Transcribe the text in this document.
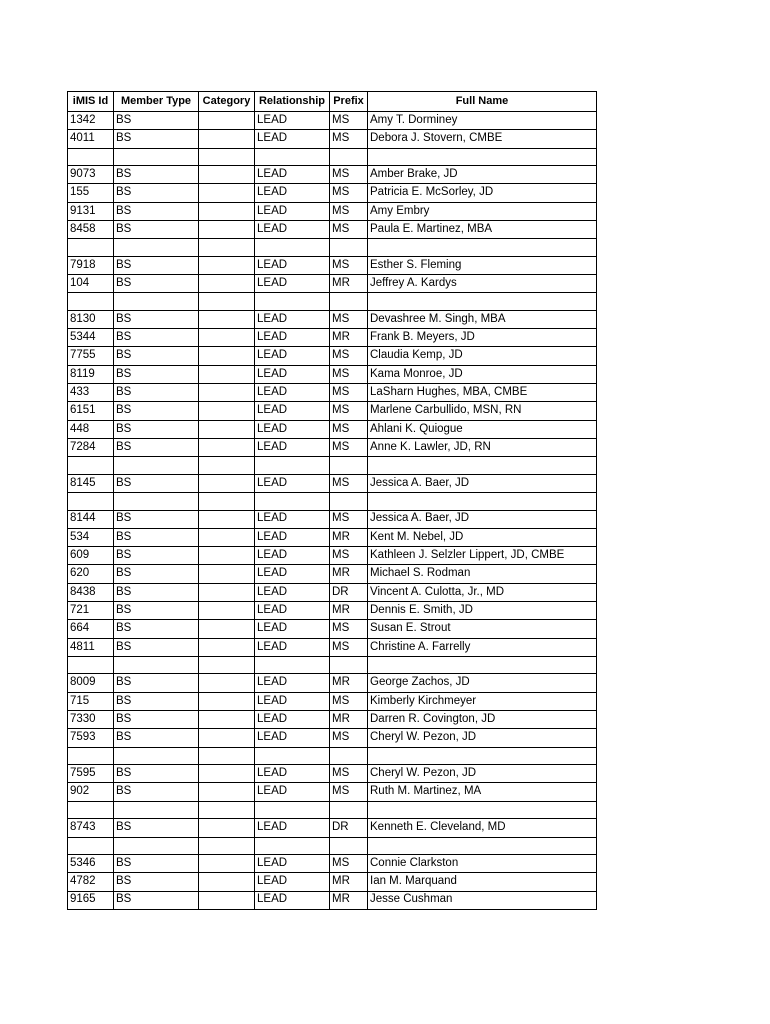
iMIS Id	Member Type	Category	Relationship	Prefix	Full Name
1342	BS		LEAD	MS	Amy T. Dorminey
4011	BS		LEAD	MS	Debora J. Stovern, CMBE

9073	BS		LEAD	MS	Amber Brake, JD
155	BS		LEAD	MS	Patricia E. McSorley, JD
9131	BS		LEAD	MS	Amy Embry
8458	BS		LEAD	MS	Paula E. Martinez, MBA

7918	BS		LEAD	MS	Esther S. Fleming
104	BS		LEAD	MR	Jeffrey A. Kardys

8130	BS		LEAD	MS	Devashree M. Singh, MBA
5344	BS		LEAD	MR	Frank B. Meyers, JD
7755	BS		LEAD	MS	Claudia Kemp, JD
8119	BS		LEAD	MS	Kama Monroe, JD
433	BS		LEAD	MS	LaSharn Hughes, MBA, CMBE
6151	BS		LEAD	MS	Marlene Carbullido, MSN, RN
448	BS		LEAD	MS	Ahlani K. Quiogue
7284	BS		LEAD	MS	Anne K. Lawler, JD, RN

8145	BS		LEAD	MS	Jessica A. Baer, JD

8144	BS		LEAD	MS	Jessica A. Baer, JD
534	BS		LEAD	MR	Kent M. Nebel, JD
609	BS		LEAD	MS	Kathleen J. Selzler Lippert, JD, CMBE
620	BS		LEAD	MR	Michael S. Rodman
8438	BS		LEAD	DR	Vincent A. Culotta, Jr., MD
721	BS		LEAD	MR	Dennis E. Smith, JD
664	BS		LEAD	MS	Susan E. Strout
4811	BS		LEAD	MS	Christine A. Farrelly

8009	BS		LEAD	MR	George Zachos, JD
715	BS		LEAD	MS	Kimberly Kirchmeyer
7330	BS		LEAD	MR	Darren R. Covington, JD
7593	BS		LEAD	MS	Cheryl W. Pezon, JD

7595	BS		LEAD	MS	Cheryl W. Pezon, JD
902	BS		LEAD	MS	Ruth M. Martinez, MA

8743	BS		LEAD	DR	Kenneth E. Cleveland, MD

5346	BS		LEAD	MS	Connie Clarkston
4782	BS		LEAD	MR	Ian M. Marquand
9165	BS		LEAD	MR	Jesse Cushman
